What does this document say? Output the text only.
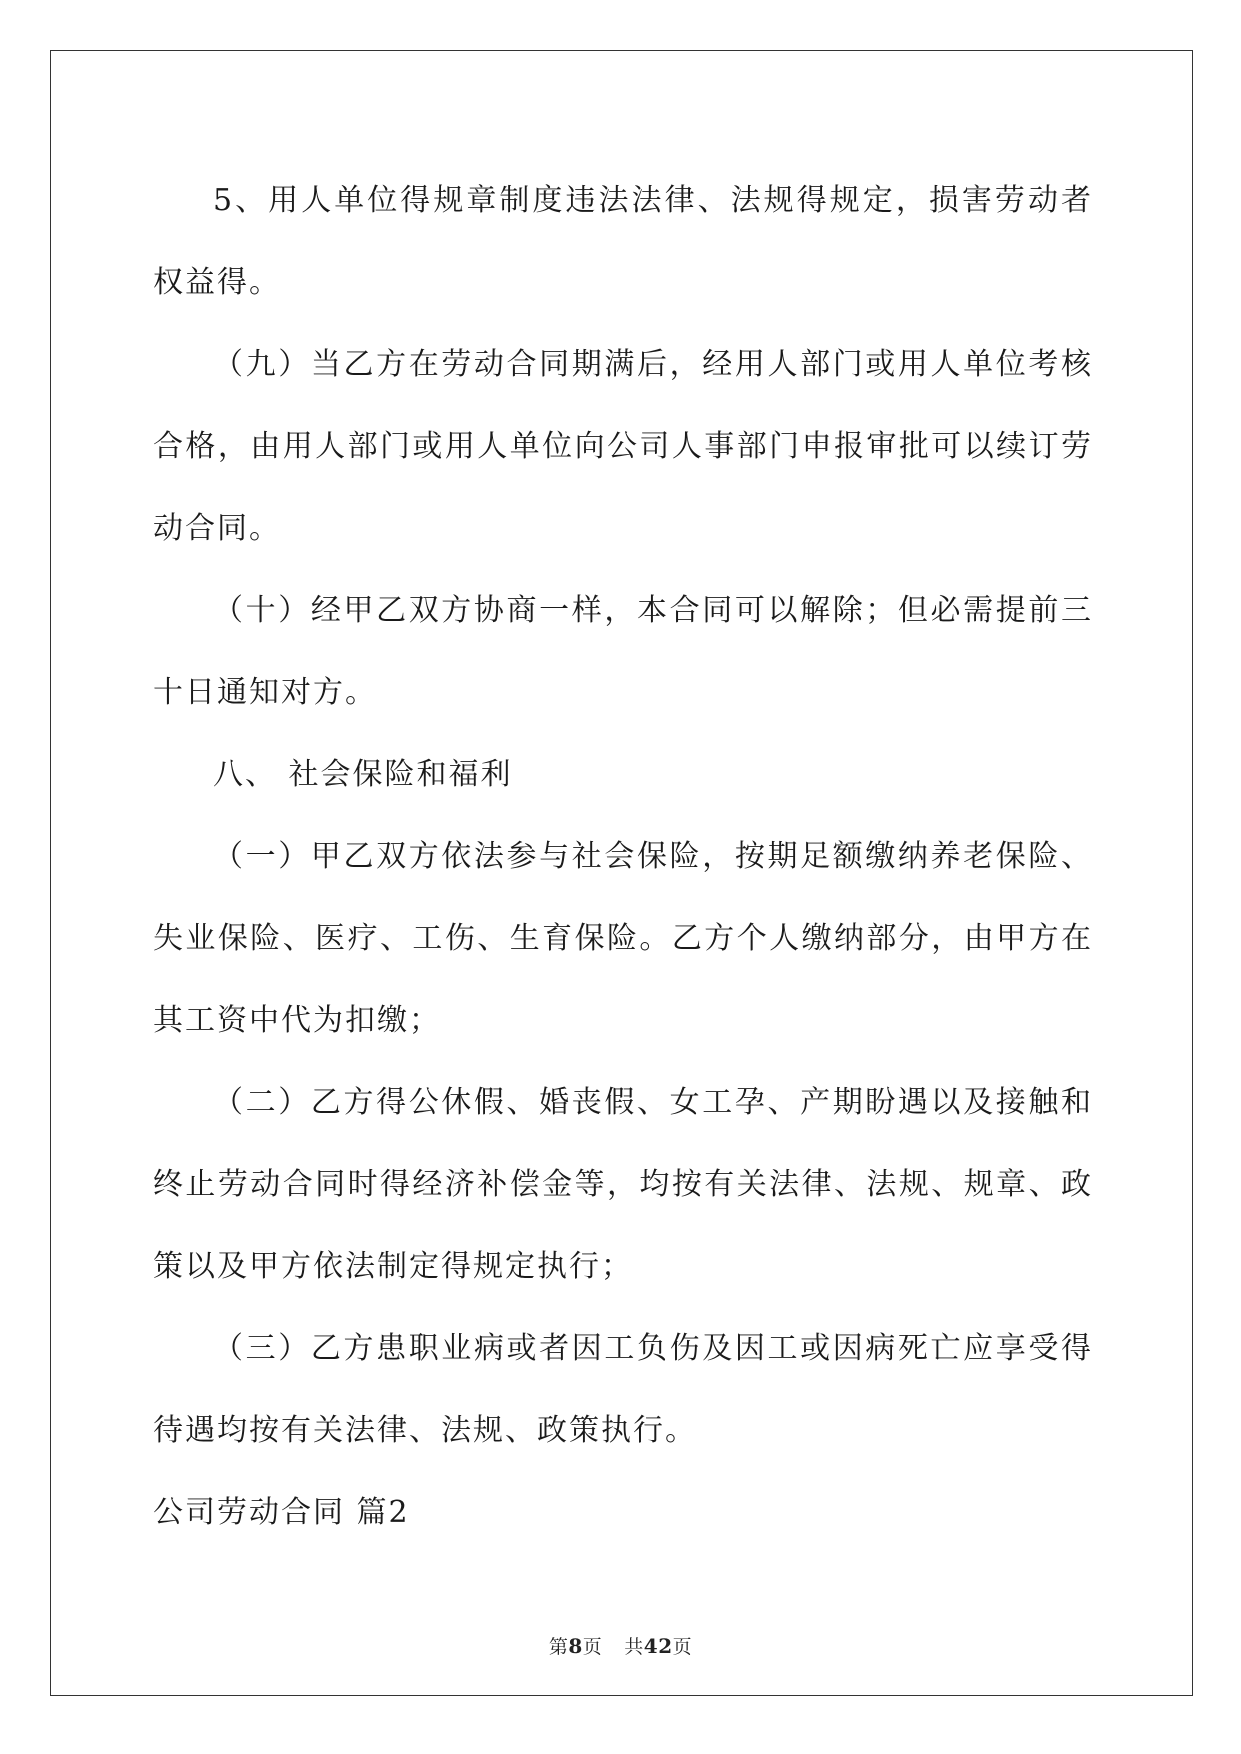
5、用人单位得规章制度违法法律、法规得规定，损害劳动者权益得。

（九）当乙方在劳动合同期满后，经用人部门或用人单位考核合格，由用人部门或用人单位向公司人事部门申报审批可以续订劳动合同。

（十）经甲乙双方协商一样，本合同可以解除；但必需提前三十日通知对方。

八、 社会保险和福利

（一）甲乙双方依法参与社会保险，按期足额缴纳养老保险、失业保险、医疗、工伤、生育保险。乙方个人缴纳部分，由甲方在其工资中代为扣缴；

（二）乙方得公休假、婚丧假、女工孕、产期盼遇以及接触和终止劳动合同时得经济补偿金等，均按有关法律、法规、规章、政策以及甲方依法制定得规定执行；

（三）乙方患职业病或者因工负伤及因工或因病死亡应享受得待遇均按有关法律、法规、政策执行。

公司劳动合同 篇2

第8页 共42页
